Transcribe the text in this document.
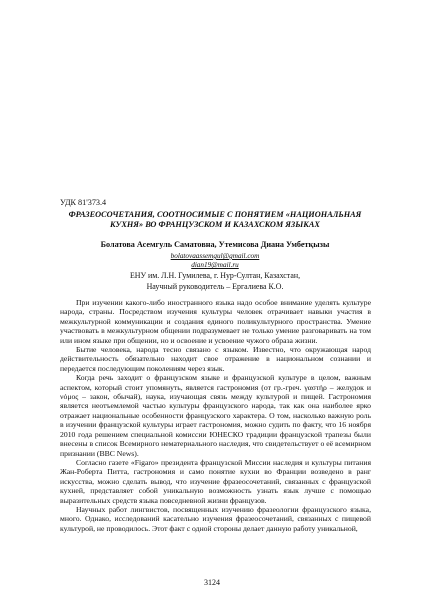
УДК 81'373.4
ФРАЗЕОСОЧЕТАНИЯ, СООТНОСИМЫЕ С ПОНЯТИЕМ «НАЦИОНАЛЬНАЯ КУХНЯ» ВО ФРАНЦУЗСКОМ И КАЗАХСКОМ ЯЗЫКАХ
Болатова Асемгуль Саматовна, Утемисова Диана Умбетқызы
bolatovaassemgul@gmail.com
dian19@mail.ru
ЕНУ им. Л.Н. Гумилева, г. Нур-Султан, Казахстан,
Научный руководитель – Ергалиева К.О.

При изучении какого-либо иностранного языка надо особое внимание уделять культуре народа, страны. Посредством изучения культуры человек отрачивает навыки участия в межкультурной коммуникации и создания единого поликультурного пространства. Умение участвовать в межкультурном общении подразумевает не только умение разговаривать на том или ином языке при общении, но и освоение и усвоение чужого образа жизни.

Бытие человека, народа тесно связано с языком. Известно, что окружающая народ действительность обязательно находит свое отражение в национальном сознании и передается последующим поколениям через язык.

Когда речь заходит о французском языке и французской культуре в целом, важным аспектом, который стоит упомянуть, является гастрономия (от гр.-греч. γαστήρ – желудок и νόμος – закон, обычай), наука, изучающая связь между культурой и пищей. Гастрономия является неотъемлемой частью культуры французского народа, так как она наиболее ярко отражает национальные особенности французского характера. О том, насколько важную роль в изучении французской культуры играет гастрономия, можно судить по факту, что 16 ноября 2010 года решением специальной комиссии ЮНЕСКО традиции французской трапезы были внесены в список Всемирного нематериального наследия, что свидетельствует о её всемирном признании (BBC News).

Согласно газете «Figaro» президента французской Миссии наследия и культуры питания Жан-Роберта Питта, гастрономия и само понятие кухни во Франции возведено в ранг искусства, можно сделать вывод, что изучение фразеосочетаний, связанных с французской кухней, представляет собой уникальную возможность узнать язык лучше с помощью выразительных средств языка повседневной жизни французов.

Научных работ лингвистов, посвященных изучению фразеологии французского языка, много. Однако, исследований касательно изучения фразеосочетаний, связанных с пищевой культурой, не проводилось. Этот факт с одной стороны делает данную работу уникальной,

3124
